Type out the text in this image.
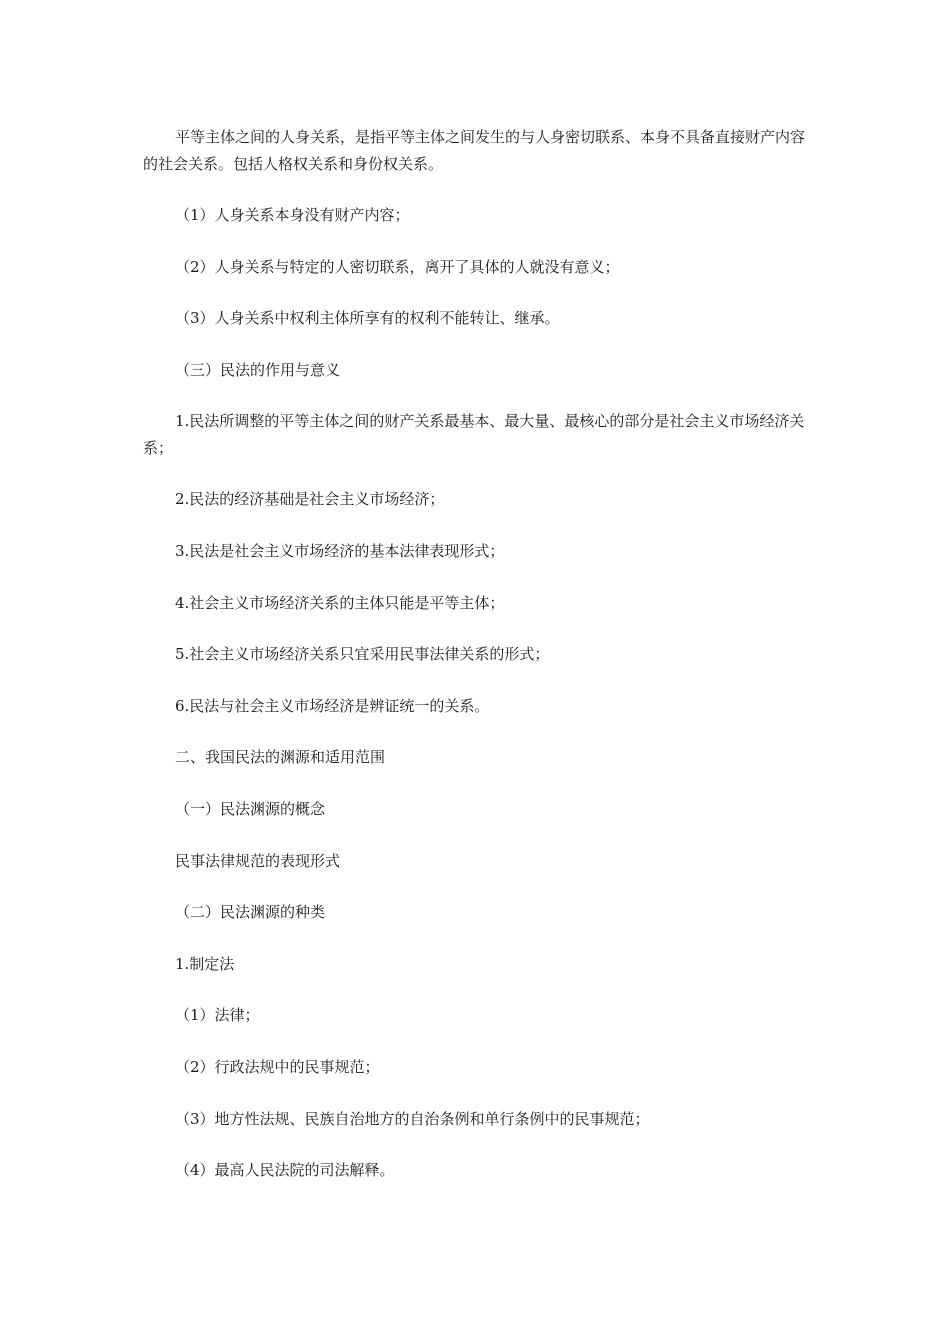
平等主体之间的人身关系，是指平等主体之间发生的与人身密切联系、本身不具备直接财产内容的社会关系。包括人格权关系和身份权关系。

（1）人身关系本身没有财产内容；

（2）人身关系与特定的人密切联系，离开了具体的人就没有意义；

（3）人身关系中权利主体所享有的权利不能转让、继承。

（三）民法的作用与意义

1.民法所调整的平等主体之间的财产关系最基本、最大量、最核心的部分是社会主义市场经济关系；

2.民法的经济基础是社会主义市场经济；

3.民法是社会主义市场经济的基本法律表现形式；

4.社会主义市场经济关系的主体只能是平等主体；

5.社会主义市场经济关系只宜采用民事法律关系的形式；

6.民法与社会主义市场经济是辨证统一的关系。

二、我国民法的渊源和适用范围

（一）民法渊源的概念

民事法律规范的表现形式

（二）民法渊源的种类

1.制定法

（1）法律；

（2）行政法规中的民事规范；

（3）地方性法规、民族自治地方的自治条例和单行条例中的民事规范；

（4）最高人民法院的司法解释。
